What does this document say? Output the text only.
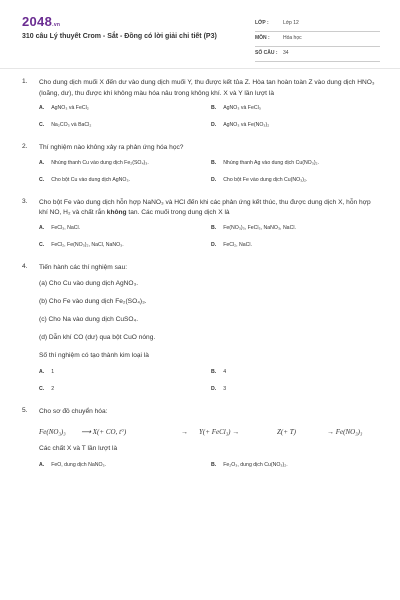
2048.vn
310 câu Lý thuyết Crom - Sắt - Đồng có lời giải chi tiết (P3)
LỚP :	Lớp 12
MÔN :	Hóa học
SỐ CÂU : 34
1. Cho dung dịch muối X đến dư vào dung dịch muối Y, thu được kết tủa Z. Hòa tan hoàn toàn Z vào dung dịch HNO₃ (loãng, dư), thu được khí không màu hóa nâu trong không khí. X và Y lần lượt là
A. AgNO₃ và FeCl₂	B. AgNO₃ và FeCl₃
C. Na₂CO₃ và BaCl₂	D. AgNO₃ và Fe(NO₃)₂
2. Thí nghiệm nào không xảy ra phản ứng hóa học?
A. Nhúng thanh Cu vào dung dịch Fe₂(SO₄)₃.	B. Nhúng thanh Ag vào dung dịch Cu(NO₃)₂.
C. Cho bột Cu vào dung dịch AgNO₃.	D. Cho bột Fe vào dung dịch Cu(NO₃)₂.
3. Cho bột Fe vào dung dịch hỗn hợp NaNO₃ và HCl đến khi các phản ứng kết thúc, thu được dung dịch X, hỗn hợp khí NO, H₂ và chất rắn không tan. Các muối trong dung dịch X là
A. FeCl₃, NaCl.	B. Fe(NO₃)₃, FeCl₃, NaNO₃, NaCl.
C. FeCl₂, Fe(NO₃)₂, NaCl, NaNO₃.	D. FeCl₂, NaCl.
4. Tiến hành các thí nghiệm sau:
(a) Cho Cu vào dung dịch AgNO₃.
(b) Cho Fe vào dung dịch Fe₂(SO₄)₃.
(c) Cho Na vào dung dịch CuSO₄.
(d) Dẫn khí CO (dư) qua bột CuO nóng.
Số thí nghiệm có tạo thành kim loại là
A. 1	B. 4
C. 2	D. 3
5. Cho sơ đồ chuyển hóa:
Fe(NO₃)₃ ⟶ X(+ CO, t°)	→ Y(+ FeCl₃) →	Z(+ T)	→ Fe(NO₃)₃
Các chất X và T lần lượt là
A. FeO, dung dịch NaNO₃.	B. Fe₂O₃, dung dịch Cu(NO₃)₂.
